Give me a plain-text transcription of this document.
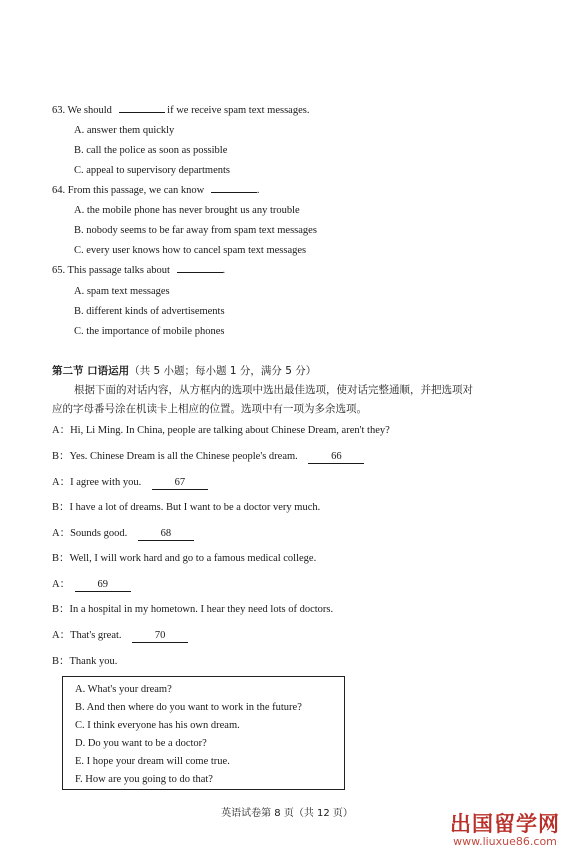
63. We should	if we receive spam text messages.
A. answer them quickly
B. call the police as soon as possible
C. appeal to supervisory departments
64. From this passage, we can know	.
A. the mobile phone has never brought us any trouble
B. nobody seems to be far away from spam text messages
C. every user knows how to cancel spam text messages
65. This passage talks about	.
A. spam text messages
B. different kinds of advertisements
C. the importance of mobile phones
第二节 口语运用（共 5 小题；每小题 1 分，满分 5 分）
根据下面的对话内容，从方框内的选项中选出最佳选项，使对话完整通顺，并把选项对
应的字母番号涂在机读卡上相应的位置。选项中有一项为多余选项。
A：Hi, Li Ming. In China, people are talking about Chinese Dream, aren't they?
B：Yes. Chinese Dream is all the Chinese people's dream.	66
A：I agree with you.	67
B：I have a lot of dreams. But I want to be a doctor very much.
A：Sounds good.	68
B：Well, I will work hard and go to a famous medical college.
A：	69
B：In a hospital in my hometown. I hear they need lots of doctors.
A：That's great.	70
B：Thank you.
A. What's your dream?
B. And then where do you want to work in the future?
C. I think everyone has his own dream.
D. Do you want to be a doctor?
E. I hope your dream will come true.
F. How are you going to do that?
英语试卷第 8 页（共 12 页）	出国留学网
www.liuxue86.com
